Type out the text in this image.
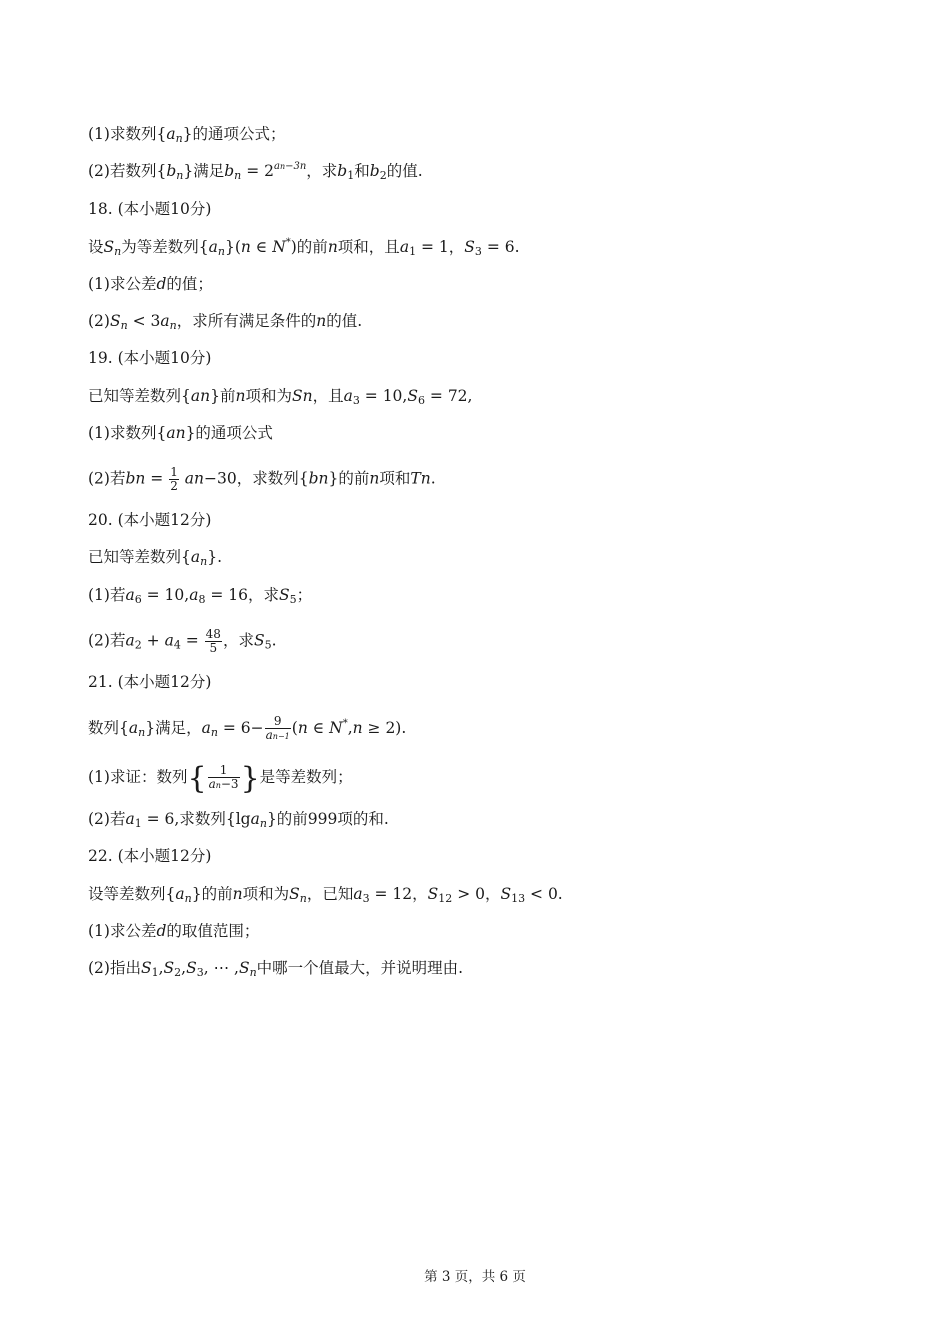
(1)求数列$\{a_n\}$的通项公式；
(2)若数列$\{b_n\}$满足$b_n = 2^{an-3n}$，求$b_1$和$b_2$的值.
18. (本小题10分)
设$S_n$为等差数列$\{a_n\}(n$ ∈ N*)的前n项和，且$a_1 = 1$，$S_3 = 6$.
(1)求公差d的值；
$(2)S_n < 3a_n$，求所有满足条件的n的值.
19. (本小题10分)
已知等差数列{an}前n项和为Sn，且$a_3 = 10,S_6 = 72$,
(1)求数列{an}的通项公式
(2)若bn = $\frac{1}{2} an-30$，求数列{bn}的前n项和Tn.
20. (本小题12分)
已知等差数列$\{a_n\}$.
(1)若$a_6 = 10,a_8 = 16$，求$S_5$；
(2)若$a_2 + a_4 = \frac{48}{5}$ ，求$S_5$.
21. (本小题12分)
数列$\{a_n\}$满足，$a_n = 6- \frac{9}{an-1} (n$ ∈ N*,n ≥ 2).
(1)求证：数列{ $\frac{1}{an-3}$ }是等差数列；
(2)若$a_1 = 6$,求数列{lga$_n$}的前999项的和.
22. (本小题12分)
设等差数列$\{a_n\}$的前n项和为$S_n$，已知$a_3 = 12$，$S_{12} > 0$，$S_{13} < 0$.
(1)求公差d的取值范围；
(2)指出$S_1,S_2,S_3$, ⋯ $,S_n$中哪一个值最大，并说明理由.
第 3 页，共 6 页
